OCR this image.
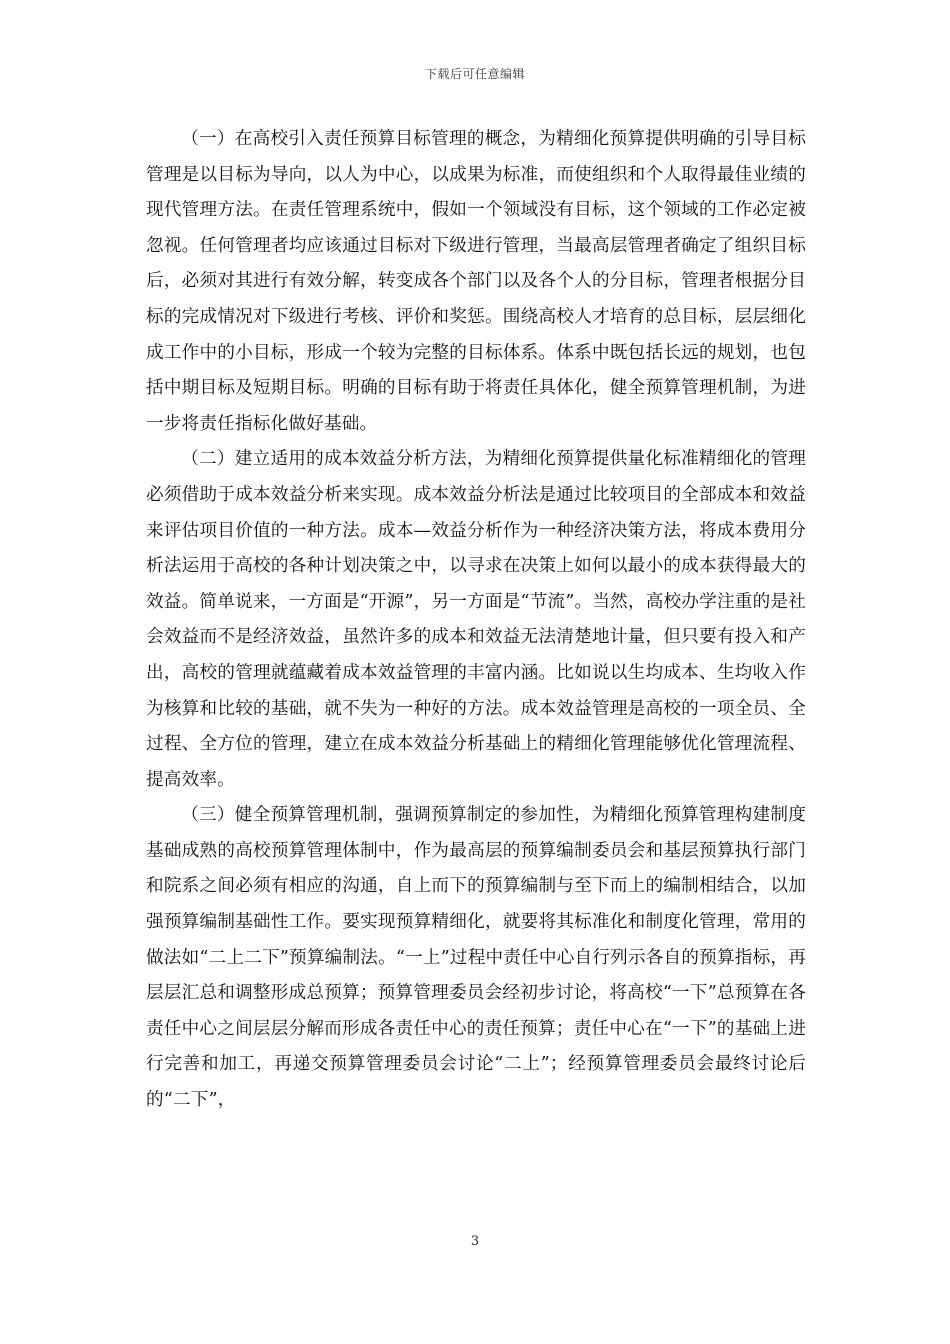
下载后可任意编辑

（一）在高校引入责任预算目标管理的概念，为精细化预算提供明确的引导目标管理是以目标为导向，以人为中心，以成果为标准，而使组织和个人取得最佳业绩的现代管理方法。在责任管理系统中，假如一个领域没有目标，这个领域的工作必定被忽视。任何管理者均应该通过目标对下级进行管理，当最高层管理者确定了组织目标后，必须对其进行有效分解，转变成各个部门以及各个人的分目标，管理者根据分目标的完成情况对下级进行考核、评价和奖惩。围绕高校人才培育的总目标，层层细化成工作中的小目标，形成一个较为完整的目标体系。体系中既包括长远的规划，也包括中期目标及短期目标。明确的目标有助于将责任具体化，健全预算管理机制，为进一步将责任指标化做好基础。

（二）建立适用的成本效益分析方法，为精细化预算提供量化标准精细化的管理必须借助于成本效益分析来实现。成本效益分析法是通过比较项目的全部成本和效益来评估项目价值的一种方法。成本—效益分析作为一种经济决策方法，将成本费用分析法运用于高校的各种计划决策之中，以寻求在决策上如何以最小的成本获得最大的效益。简单说来，一方面是“开源”，另一方面是“节流”。当然，高校办学注重的是社会效益而不是经济效益，虽然许多的成本和效益无法清楚地计量，但只要有投入和产出，高校的管理就蕴藏着成本效益管理的丰富内涵。比如说以生均成本、生均收入作为核算和比较的基础，就不失为一种好的方法。成本效益管理是高校的一项全员、全过程、全方位的管理，建立在成本效益分析基础上的精细化管理能够优化管理流程、提高效率。

（三）健全预算管理机制，强调预算制定的参加性，为精细化预算管理构建制度基础成熟的高校预算管理体制中，作为最高层的预算编制委员会和基层预算执行部门和院系之间必须有相应的沟通，自上而下的预算编制与至下而上的编制相结合，以加强预算编制基础性工作。要实现预算精细化，就要将其标准化和制度化管理，常用的做法如“二上二下”预算编制法。“一上”过程中责任中心自行列示各自的预算指标，再层层汇总和调整形成总预算；预算管理委员会经初步讨论，将高校“一下”总预算在各责任中心之间层层分解而形成各责任中心的责任预算；责任中心在“一下”的基础上进行完善和加工，再递交预算管理委员会讨论“二上”；经预算管理委员会最终讨论后的“二下”，

3
